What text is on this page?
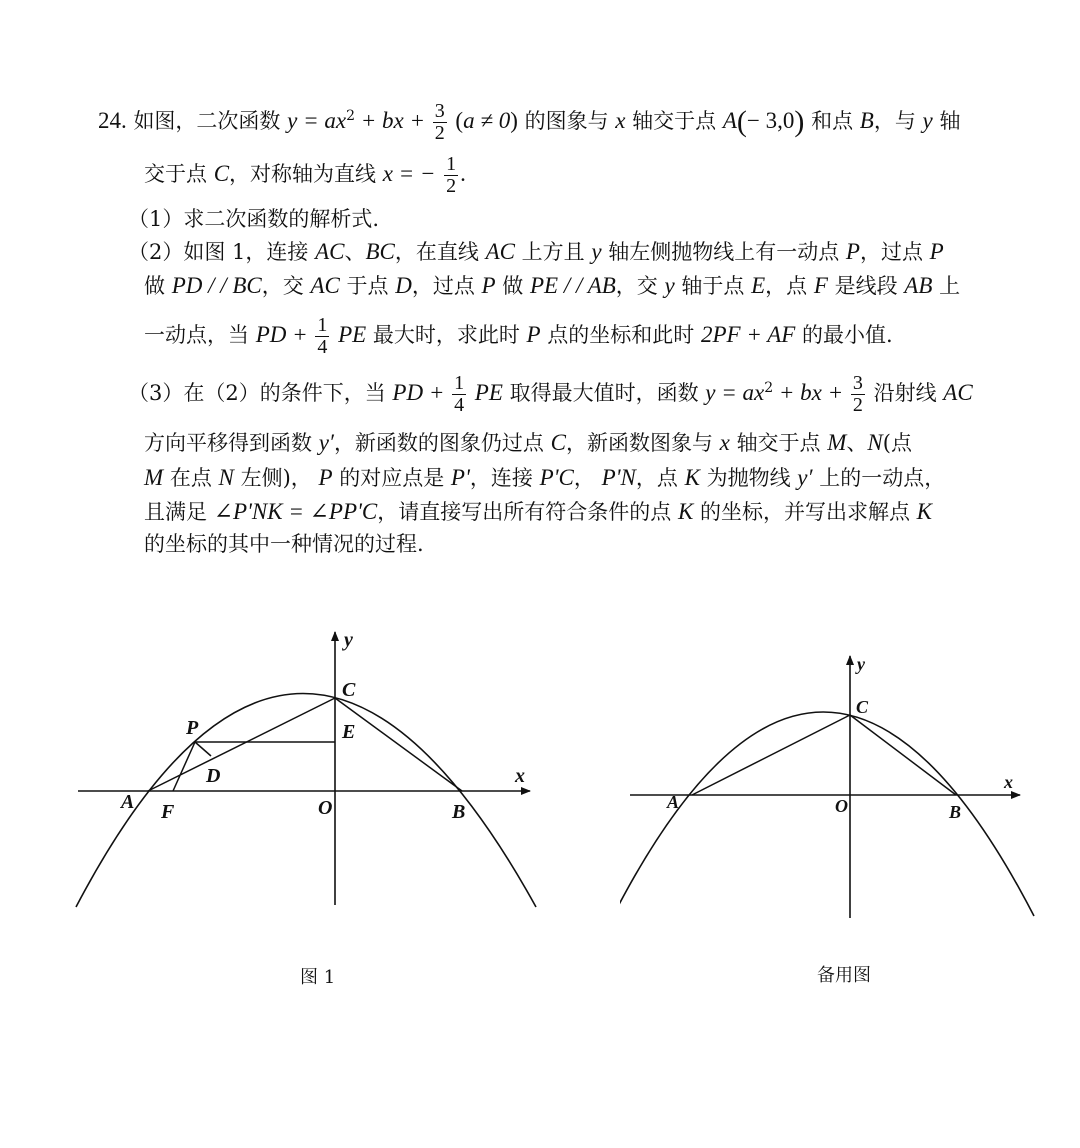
24. 如图，二次函数 $y = ax^2$ + bx + $\frac{3}{2} (a \ne 0)$ 的图象与 x 轴交于点 A(− 3,0) 和点 B，与 y 轴
交于点 C，对称轴为直线 x = − $\frac{1}{2}$ .
（1）求二次函数的解析式.
（2）如图 1，连接 AC、BC，在直线 AC 上方且 y 轴左侧抛物线上有一动点 P，过点 P
做 PD / / BC，交 AC 于点 D，过点 P 做 PE / / AB，交 y 轴于点 E，点 F 是线段 AB 上
一动点，当 PD + $\frac{1}{4}$ PE 最大时，求此时 P 点的坐标和此时 2PF + AF 的最小值.
（3）在（2）的条件下，当 PD + $\frac{1}{4}$ PE 取得最大值时，函数 $y = ax^2$ + bx + $\frac{3}{2}$ 沿射线 AC
方向平移得到函数 y′，新函数的图象仍过点 C，新函数图象与 x 轴交于点 M、N(点
M 在点 N 左侧)， P 的对应点是 P'，连接 P'C， P'N，点 K 为抛物线 y′ 上的一动点，
且满足 ∠P'NK = ∠PP'C，请直接写出所有符合条件的点 K 的坐标，并写出求解点 K
的坐标的其中一种情况的过程.
y
x
C
P	E
D
A F	O	B
y
x
C
A	O	B
图 1	备用图
